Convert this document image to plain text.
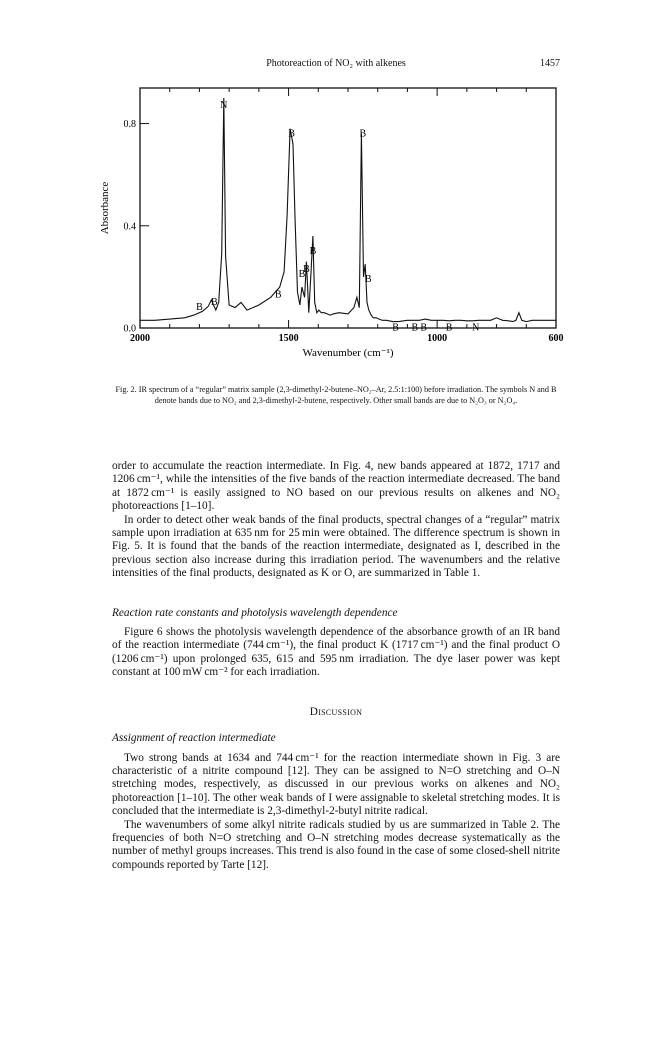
Photoreaction of NO₂ with alkenes	1457
2000	1500	1000	600
0.0
0.4
0.8
Absorbance
Wavenumber (cm⁻¹)
N
B	B
B
B
B
B
B B
B
B B B B N
Fig. 2. IR spectrum of a “regular” matrix sample (2,3-dimethyl-2-butene–NO₂–Ar, 2.5:1:100) before irradiation. The symbols N and B denote bands due to NO₂ and 2,3-dimethyl-2-butene, respectively. Other small bands are due to N₂O₃ or N₂O₄.

order to accumulate the reaction intermediate. In Fig. 4, new bands appeared at 1872, 1717 and 1206 cm⁻¹, while the intensities of the five bands of the reaction intermediate decreased. The band at 1872 cm⁻¹ is easily assigned to NO based on our previous results on alkenes and NO₂ photoreactions [1–10].

In order to detect other weak bands of the final products, spectral changes of a “regular” matrix sample upon irradiation at 635 nm for 25 min were obtained. The difference spectrum is shown in Fig. 5. It is found that the bands of the reaction intermediate, designated as I, described in the previous section also increase during this irradiation period. The wavenumbers and the relative intensities of the final products, designated as K or O, are summarized in Table 1.

Reaction rate constants and photolysis wavelength dependence

Figure 6 shows the photolysis wavelength dependence of the absorbance growth of an IR band of the reaction intermediate (744 cm⁻¹), the final product K (1717 cm⁻¹) and the final product O (1206 cm⁻¹) upon prolonged 635, 615 and 595 nm irradiation. The dye laser power was kept constant at 100 mW cm⁻² for each irradiation.

Discussion

Assignment of reaction intermediate

Two strong bands at 1634 and 744 cm⁻¹ for the reaction intermediate shown in Fig. 3 are characteristic of a nitrite compound [12]. They can be assigned to N=O stretching and O–N stretching modes, respectively, as discussed in our previous works on alkenes and NO₂ photoreaction [1–10]. The other weak bands of I were assignable to skeletal stretching modes. It is concluded that the intermediate is 2,3-dimethyl-2-butyl nitrite radical.

The wavenumbers of some alkyl nitrite radicals studied by us are summarized in Table 2. The frequencies of both N=O stretching and O–N stretching modes decrease systematically as the number of methyl groups increases. This trend is also found in the case of some closed-shell nitrite compounds reported by Tarte [12].
